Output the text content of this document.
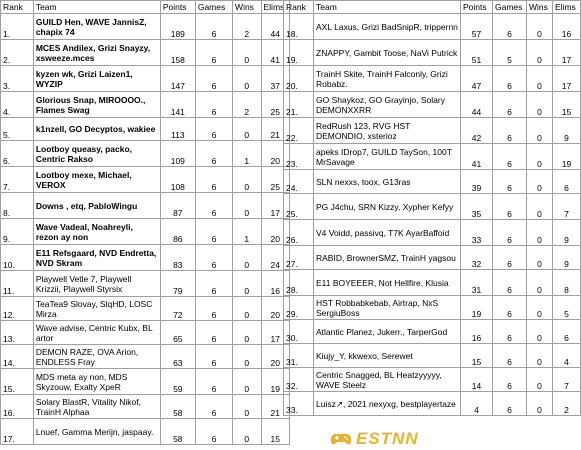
Rank	Team	Points	Games	Wins	Elims
1.	GUILD Hen, WAVE JannisZ, chapix 74	189	6	2	44
2.	MCES Andilex, Grizi Snayzy, xsweeze.mces	158	6	0	41
3.	kyzen wk, Grizi Laizen1, WYZIP	147	6	0	37
4.	Glorious Snap, MIROOOO., Flames Swag	141	6	2	25
5.	k1nzell, GO Decyptos, wakiee	113	6	0	21
6.	Lootboy queasy, packo, Centric Rakso	109	6	1	20
7.	Lootboy mexe, Michael, VEROX	108	6	0	25
8.	Downs , etq, PabloWingu	87	6	0	17
9.	Wave Vadeal, Noahreyli, rezon ay non	86	6	1	20
10.	E11 Refsgaard, NVD Endretta, NVD Skram	83	6	0	24
11.	Playwell Vetle 7, Playwell Krizzii, Playwell Styrsix	79	6	0	16
12.	TeaTea9 Slovay, SlqHD, LOSC Mirza	72	6	0	20
13.	Wave advise, Centric Kubx, BL artor	65	6	0	17
14.	DEMON RAZE, OVA Arion, ENDLESS Fray	63	6	0	20
15.	MDS meta ay non, MDS Skyzouw, Exalty XpeR	59	6	0	19
16.	Solary BlastR, Vitality Nikof, TrainH Alphaa	58	6	0	21
17.	Lnuef, Gamma Merijn, jaspaay.	58	6	0	15
Rank	Team	Points	Games	Wins	Elims
18.	AXL Laxus, Grizi BadSnipR, trippernn	57	6	0	16
19.	ZNAPPY, Gambit Toose, NaVi Putrick	51	5	0	17
20.	TrainH Skite, TrainH Falconly, Grizi Robabz.	47	6	0	17
21.	GO Shaykoz, GO Grayinjo, Solary DEMONXXRR	44	6	0	15
22.	RedRush 123, RVG HST DEMONDIO, xsterioz	42	6	0	9
23.	apeks IDrop7, GUILD TaySon, 100T MrSavage	41	6	0	19
24.	SLN nexxs, toox, G13ras	39	6	0	6
25.	PG J4chu, SRN Kizzy, Xypher Kefyy	35	6	0	7
26.	V4 Voidd, passivq, T7K AyarBaffoid	33	6	0	9
27.	RABID, BrownerSMZ, TrainH yagsou	32	6	0	9
28.	E11 BOYEEER, Not Hellfire, Klusia	31	6	0	8
29.	HST Robbabkebab, Airtrap, NxS SergiuBoss	19	6	0	5
30.	Atlantic Planez, Jukerr., TarperGod	16	6	0	6
31.	Kiujy_Y, kkwexo, Serewet	15	6	0	4
32.	Centric Snagged, BL Heatzyyyyy, WAVE Steelz	14	6	0	7
33.	Luisz↗, 2021 nexyxg, bestplayertaze	4	6	0	2
ESTNN
